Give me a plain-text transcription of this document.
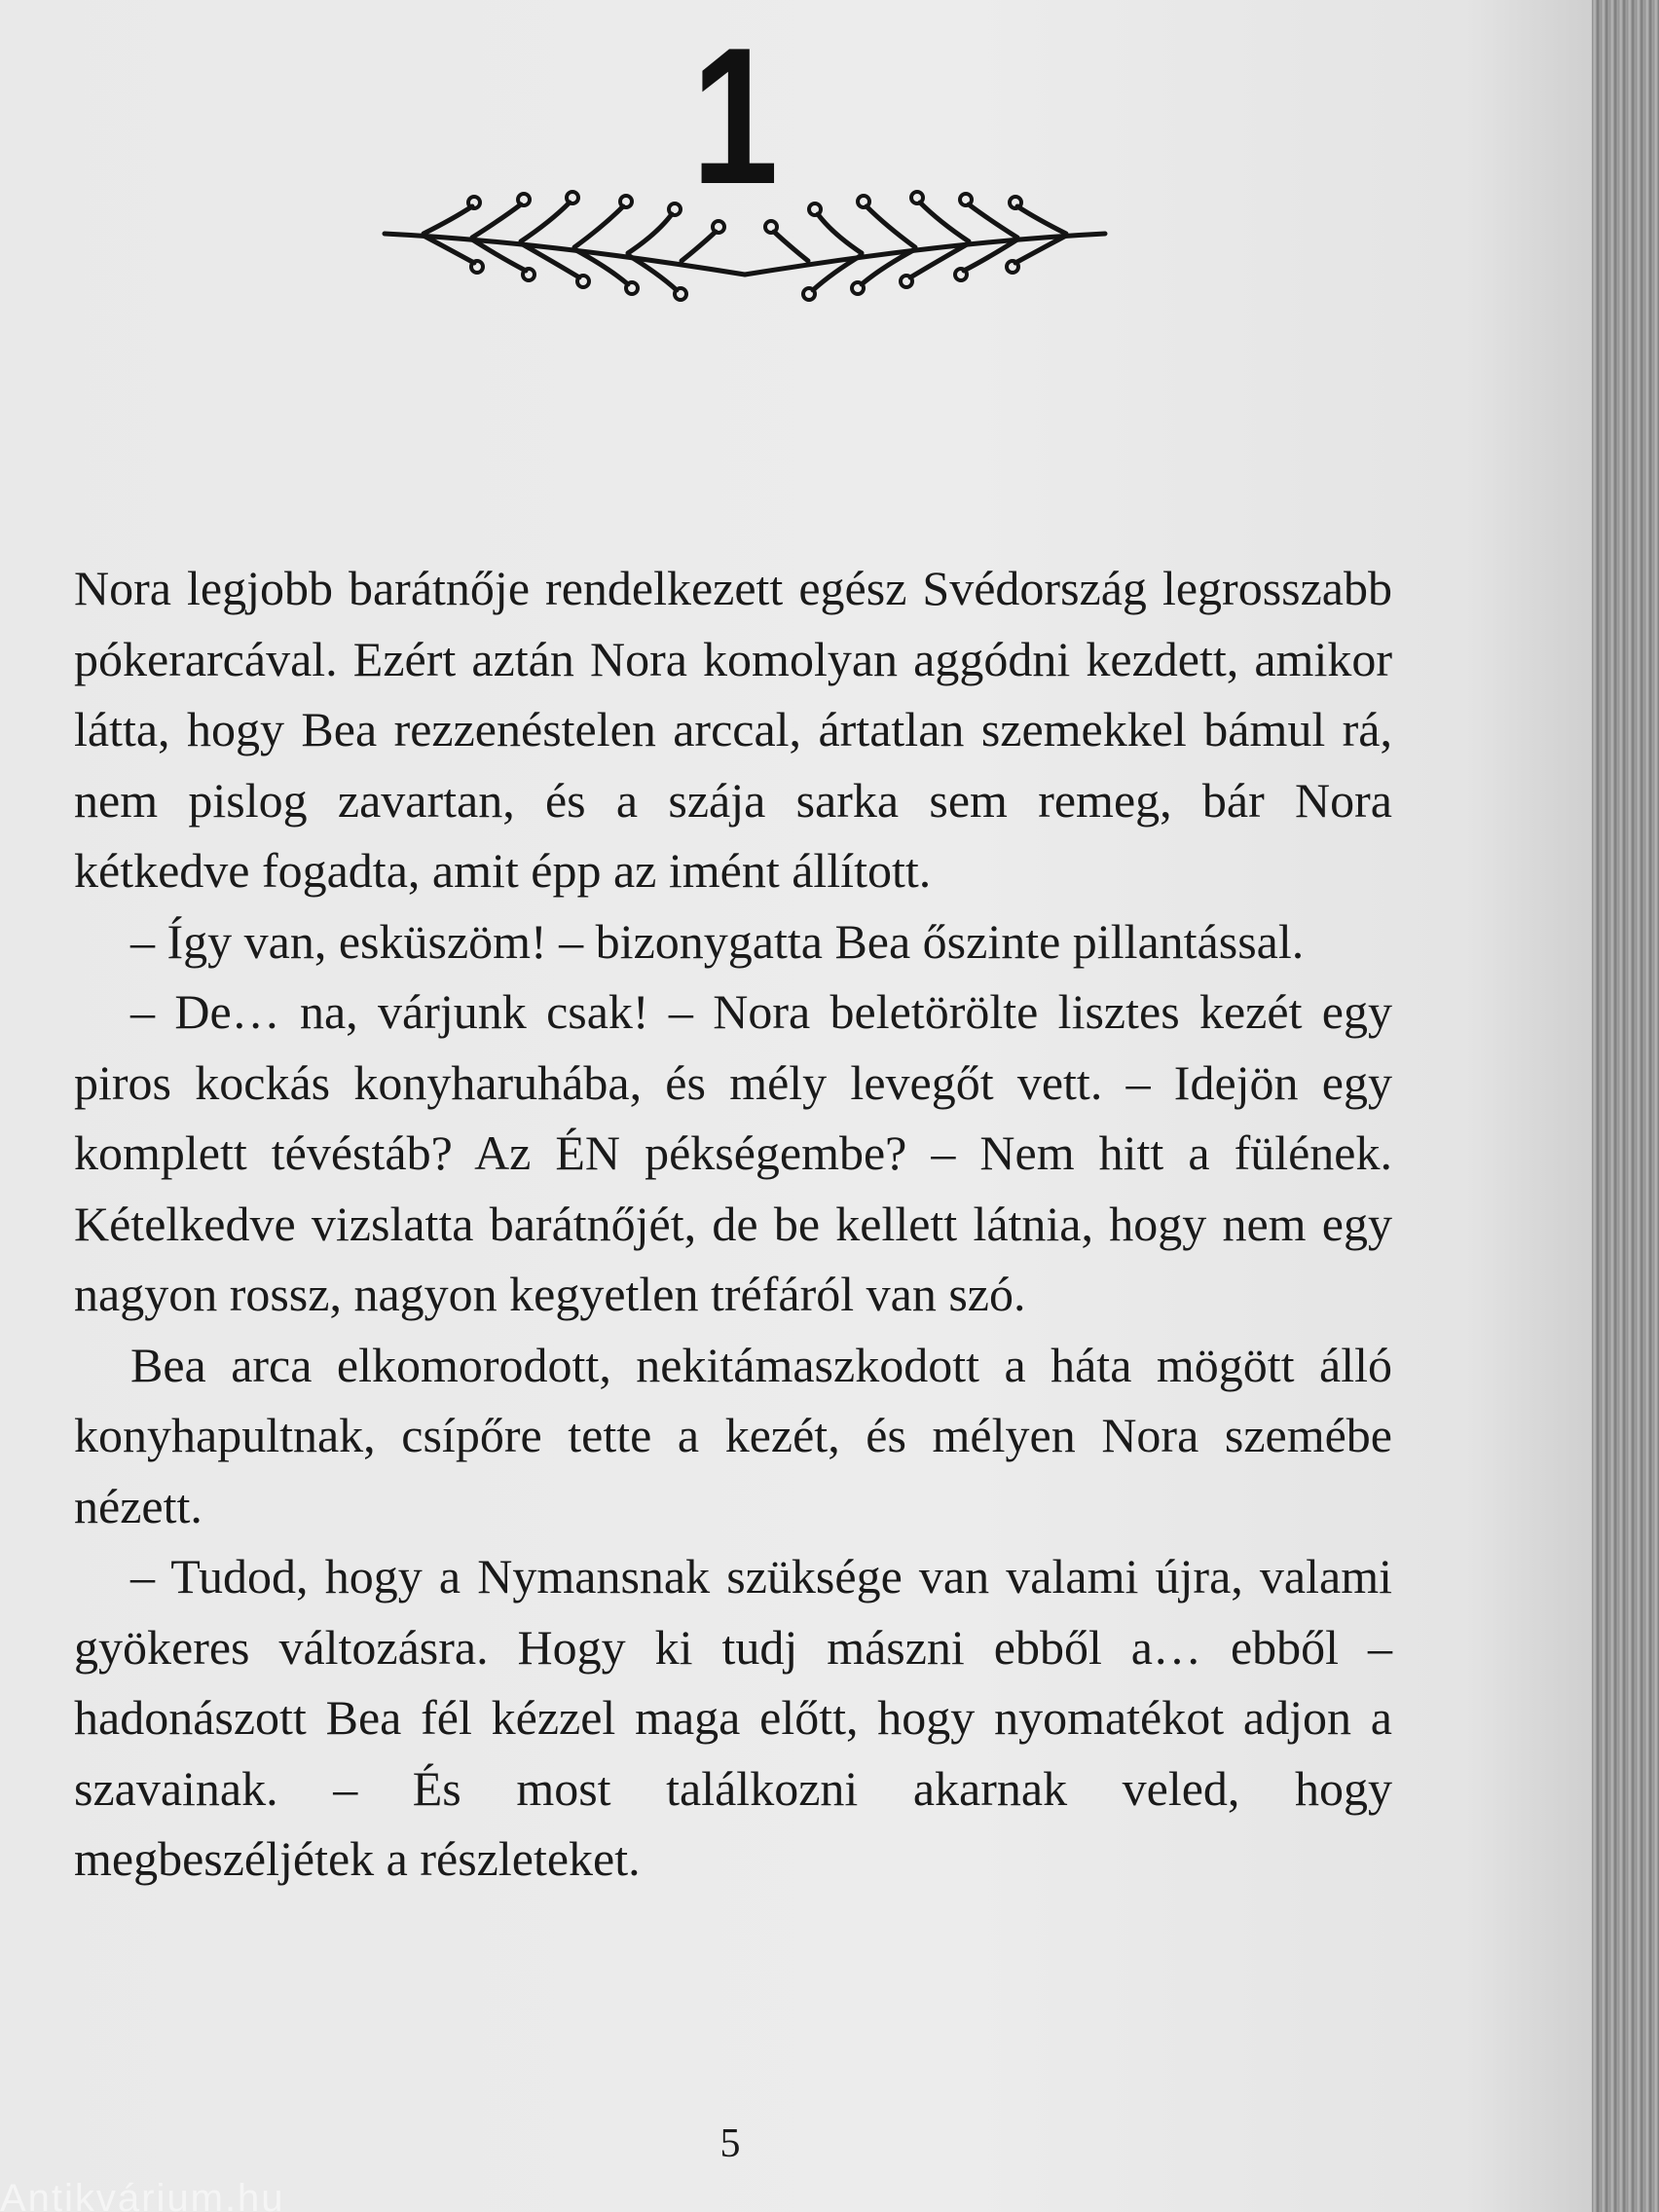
1

Nora legjobb barátnője rendelkezett egész Svédország legrosszabb pókerarcával. Ezért aztán Nora komolyan aggódni kezdett, amikor látta, hogy Bea rezzenéstelen arccal, ártatlan szemekkel bámul rá, nem pislog zavartan, és a szája sarka sem remeg, bár Nora kétkedve fogadta, amit épp az imént állított.

– Így van, esküszöm! – bizonygatta Bea őszinte pillantással.

– De… na, várjunk csak! – Nora beletörölte lisztes kezét egy piros kockás konyharuhába, és mély levegőt vett. – Idejön egy komplett tévéstáb? Az ÉN pékségembe? – Nem hitt a fülének. Kételkedve vizslatta barátnőjét, de be kellett látnia, hogy nem egy nagyon rossz, nagyon kegyetlen tréfáról van szó.

Bea arca elkomorodott, nekitámaszkodott a háta mögött álló konyhapultnak, csípőre tette a kezét, és mélyen Nora szemébe nézett.

– Tudod, hogy a Nymansnak szüksége van valami újra, valami gyökeres változásra. Hogy ki tudj mászni ebből a… ebből – hadonászott Bea fél kézzel maga előtt, hogy nyomatékot adjon a szavainak. – És most találkozni akarnak veled, hogy megbeszéljétek a részleteket.

5
Antikvárium.hu
